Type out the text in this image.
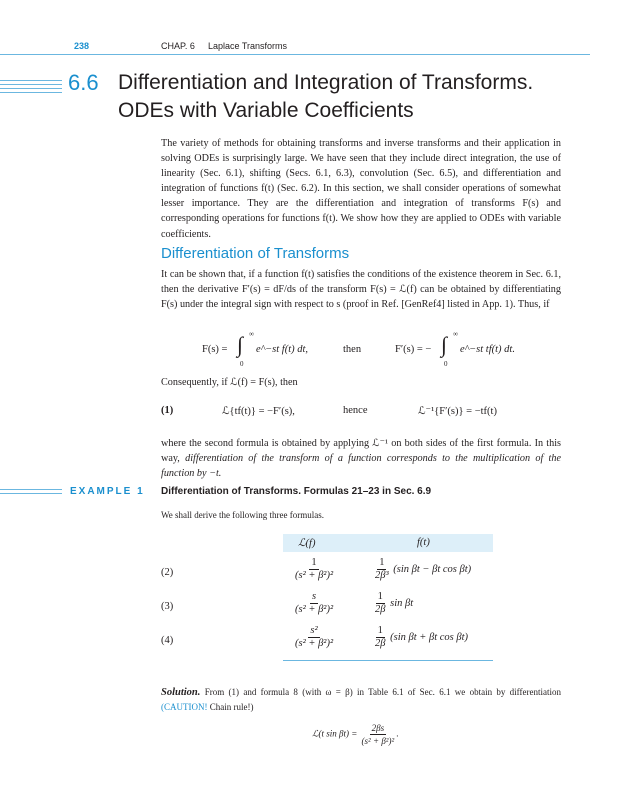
238	CHAP. 6 Laplace Transforms
6.6 Differentiation and Integration of Transforms.
ODEs with Variable Coefficients
The variety of methods for obtaining transforms and inverse transforms and their application in solving ODEs is surprisingly large. We have seen that they include direct integration, the use of linearity (Sec. 6.1), shifting (Secs. 6.1, 6.3), convolution (Sec. 6.5), and differentiation and integration of functions f(t) (Sec. 6.2). In this section, we shall consider operations of somewhat lesser importance. They are the differentiation and integration of transforms F(s) and corresponding operations for functions f(t). We show how they are applied to ODEs with variable coefficients.
Differentiation of Transforms
It can be shown that, if a function f(t) satisfies the conditions of the existence theorem in Sec. 6.1, then the derivative F′(s) = dF/ds of the transform F(s) = ℒ(f) can be obtained by differentiating F(s) under the integral sign with respect to s (proof in Ref. [GenRef4] listed in App. 1). Thus, if
F(s) = ∫ ∞
0
e^−st f(t) dt,	then	F′(s) = − ∫ ∞
0
e^−st tf(t) dt.
Consequently, if ℒ(f) = F(s), then
(1)	ℒ{tf(t)} = −F′(s),	hence	ℒ⁻¹{F′(s)} = −tf(t)
where the second formula is obtained by applying ℒ⁻¹ on both sides of the first formula. In this way, differentiation of the transform of a function corresponds to the multiplication of the function by −t.
EXAMPLE 1 Differentiation of Transforms. Formulas 21–23 in Sec. 6.9
We shall derive the following three formulas.
ℒ(f)	f(t)
(2)	$\frac{1}{\text{(s² + β²)²}}$	$\frac{1}{\text{2β³}} (\sin$ βt − βt cos βt)
(3)	$\frac{s}{\text{(s² + β²)²}}$	$\frac{1}{2\beta}$ sin βt
(4)	$\frac{\text{s²}}{\text{(s² + β²)²}}$	$\frac{1}{2\beta} (\sin$ βt + βt cos βt)
Solution. From (1) and formula 8 (with ω = β) in Table 6.1 of Sec. 6.1 we obtain by differentiation (CAUTION! Chain rule!)
ℒ(t $\sin \beta t) = \frac{2\beta s}{\text{(s² + β²)²}}$ .
